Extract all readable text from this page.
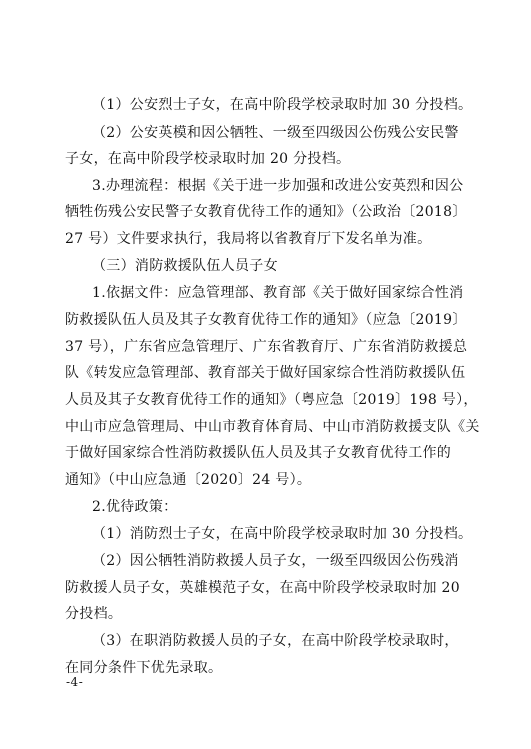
（1）公安烈士子女，在高中阶段学校录取时加 30 分投档。
（2）公安英模和因公牺牲、一级至四级因公伤残公安民警
子女，在高中阶段学校录取时加 20 分投档。
3.办理流程：根据《关于进一步加强和改进公安英烈和因公
牺牲伤残公安民警子女教育优待工作的通知》（公政治〔2018〕
27 号）文件要求执行，我局将以省教育厅下发名单为准。
（三）消防救援队伍人员子女
1.依据文件：应急管理部、教育部《关于做好国家综合性消
防救援队伍人员及其子女教育优待工作的通知》（应急〔2019〕
37 号），广东省应急管理厅、广东省教育厅、广东省消防救援总
队《转发应急管理部、教育部关于做好国家综合性消防救援队伍
人员及其子女教育优待工作的通知》（粤应急〔2019〕198 号），
中山市应急管理局、中山市教育体育局、中山市消防救援支队《关
于做好国家综合性消防救援队伍人员及其子女教育优待工作的
通知》（中山应急通〔2020〕24 号）。
2.优待政策：
（1）消防烈士子女，在高中阶段学校录取时加 30 分投档。
（2）因公牺牲消防救援人员子女，一级至四级因公伤残消
防救援人员子女，英雄模范子女，在高中阶段学校录取时加 20
分投档。
（3）在职消防救援人员的子女，在高中阶段学校录取时，
在同分条件下优先录取。
-4-
